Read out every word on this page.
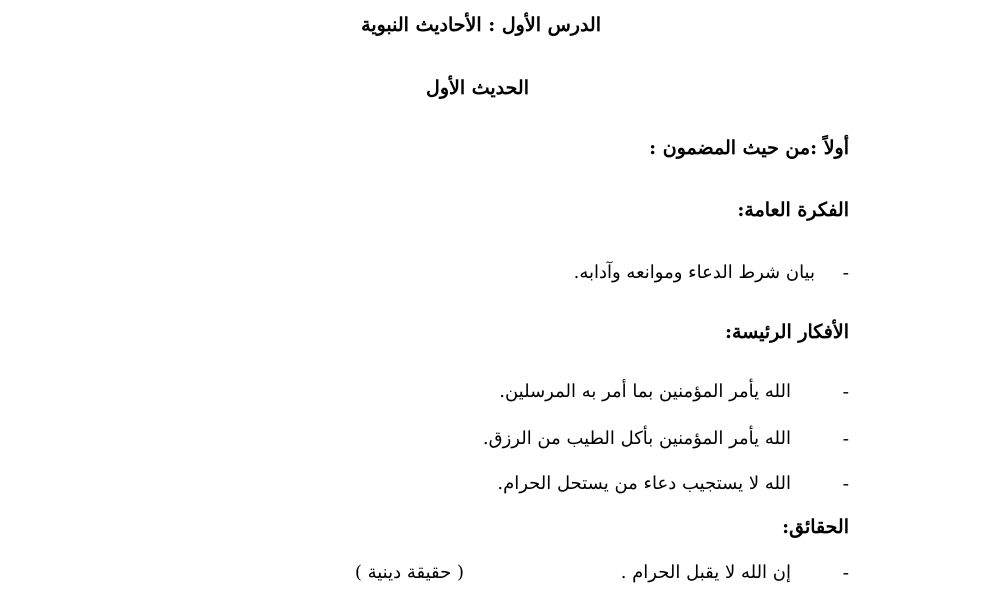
الدرس الأول : الأحاديث النبوية
الحديث الأول
أولاً :من حيث المضمون :
الفكرة العامة:
-
بيان شرط الدعاء وموانعه وآدابه.
الأفكار الرئيسة:
-
الله يأمر المؤمنين بما أمر به المرسلين.
-
الله يأمر المؤمنين بأكل الطيب من الرزق.
-
الله لا يستجيب دعاء من يستحل الحرام.
الحقائق:
-
إن الله لا يقبل الحرام .
( حقيقة دينية )
